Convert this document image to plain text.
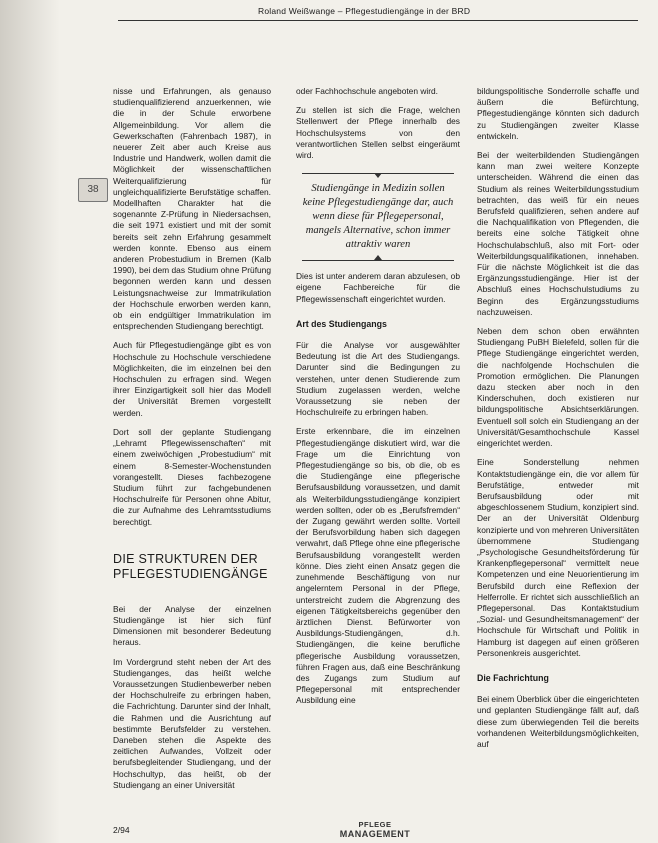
Roland Weißwange – Pflegestudiengänge in der BRD
38

nisse und Erfahrungen, als genauso studienqualifizierend anzuerkennen, wie die in der Schule erworbene Allgemeinbildung. Vor allem die Gewerkschaften (Fahrenbach 1987), in neuerer Zeit aber auch Kreise aus Industrie und Handwerk, wollen damit die Möglichkeit der wissenschaftlichen Weiterqualifizierung für ungleichqualifizierte Berufstätige schaffen. Modellhaften Charakter hat die sogenannte Z-Prüfung in Niedersachsen, die seit 1971 existiert und mit der somit bereits seit zehn Erfahrung gesammelt werden konnte. Ebenso aus einem anderen Probestudium in Bremen (Kalb 1990), bei dem das Studium ohne Prüfung begonnen werden kann und dessen Leistungsnachweise zur Immatrikulation der Hochschule erworben werden kann, ob ein endgültiger Immatrikulation im entsprechenden Studiengang berechtigt.

Auch für Pflegestudiengänge gibt es von Hochschule zu Hochschule verschiedene Möglichkeiten, die im einzelnen bei den Hochschulen zu erfragen sind. Wegen ihrer Einzigartigkeit soll hier das Modell der Universität Bremen vorgestellt werden.

Dort soll der geplante Studiengang „Lehramt Pflegewissenschaften“ mit einem zweiwöchigen „Probestudium“ mit einem 8-Semester-Wochenstunden vorangestellt. Dieses fachbezogene Studium führt zur fachgebundenen Hochschulreife für Personen ohne Abitur, die zur Aufnahme des Lehramtsstudiums berechtigt.

DIE STRUKTUREN DER
PFLEGESTUDIENGÄNGE

Bei der Analyse der einzelnen Studiengänge ist hier sich fünf Dimensionen mit besonderer Bedeutung heraus.

Im Vordergrund steht neben der Art des Studienganges, das heißt welche Voraussetzungen Studienbewerber neben der Hochschulreife zu erbringen haben, die Fachrichtung. Darunter sind der Inhalt, die Rahmen und die Ausrichtung auf bestimmte Berufsfelder zu verstehen. Daneben stehen die Aspekte des zeitlichen Aufwandes, Vollzeit oder berufsbegleitender Studiengang, und der Hochschultyp, das heißt, ob der Studiengang an einer Universität

oder Fachhochschule angeboten wird.

Zu stellen ist sich die Frage, welchen Stellenwert der Pflege innerhalb des Hochschulsystems von den verantwortlichen Stellen selbst eingeräumt wird.

Studiengänge in Medizin sollen keine Pflegestudiengänge dar, auch wenn diese für Pflegepersonal, mangels Alternative, schon immer attraktiv waren

Dies ist unter anderem daran abzulesen, ob eigene Fachbereiche für die Pflegewissenschaft eingerichtet wurden.

Art des Studiengangs

Für die Analyse vor ausgewählter Bedeutung ist die Art des Studiengangs. Darunter sind die Bedingungen zu verstehen, unter denen Studierende zum Studium zugelassen werden, welche Voraussetzung sie neben der Hochschulreife zu erbringen haben.

Erste erkennbare, die im einzelnen Pflegestudiengänge diskutiert wird, war die Frage um die Einrichtung von Pflegestudiengänge so bis, ob die, ob es die Studiengänge eine pflegerische Berufsausbildung voraussetzen, und damit als Weiterbildungsstudiengänge konzipiert werden sollten, oder ob es „Berufsfremden“ der Zugang gewährt werden sollte. Vorteil der Berufsvorbildung haben sich dagegen verwahrt, daß Pflege ohne eine pflegerische Berufsausbildung vorangestellt werden könne. Dies zieht einen Ansatz gegen die zunehmende Beschäftigung von nur angelerntem Personal in der Pflege, unterstreicht zudem die Abgrenzung des eigenen Tätigkeitsbereichs gegenüber den ärztlichen Dienst. Befürworter von Ausbildungs-Studiengängen, d.h. Studiengängen, die keine berufliche pflegerische Ausbildung voraussetzen, führen Fragen aus, daß eine Beschränkung des Zugangs zum Studium auf Pflegepersonal mit entsprechender Ausbildung eine

bildungspolitische Sonderrolle schaffe und äußern die Befürchtung, Pflegestudiengänge könnten sich dadurch zu Studiengängen zweiter Klasse entwickeln.

Bei der weiterbildenden Studiengängen kann man zwei weitere Konzepte unterscheiden. Während die einen das Studium als reines Weiterbildungsstudium betrachten, das weiß für ein neues Berufsfeld qualifizieren, sehen andere auf die Nachqualifikation von Pflegenden, die bereits eine solche Tätigkeit ohne Hochschulabschluß, also mit Fort- oder Weiterbildungsqualifikationen, innehaben. Für die nächste Möglichkeit ist die das Ergänzungsstudiengänge. Hier ist der Abschluß eines Hochschulstudiums zu Beginn des Ergänzungsstudiums nachzuweisen.

Neben dem schon oben erwähnten Studiengang PuBH Bielefeld, sollen für die Pflege Studiengänge eingerichtet werden, die nachfolgende Hochschulen die Promotion ermöglichen. Die Planungen dazu stecken aber noch in den Kinderschuhen, doch existieren nur bildungspolitische Absichtserklärungen. Eventuell soll solch ein Studiengang an der Universität/Gesamthochschule Kassel eingerichtet werden.

Eine Sonderstellung nehmen Kontaktstudiengänge ein, die vor allem für Berufstätige, entweder mit Berufsausbildung oder mit abgeschlossenem Studium, konzipiert sind. Der an der Universität Oldenburg konzipierte und von mehreren Universitäten übernommene Studiengang „Psychologische Gesundheitsförderung für Krankenpflegepersonal“ vermittelt neue Kompetenzen und eine Neuorientierung im Berufsbild durch eine Reflexion der Helferrolle. Er richtet sich ausschließlich an Pflegepersonal. Das Kontaktstudium „Sozial- und Gesundheitsmanagement“ der Hochschule für Wirtschaft und Politik in Hamburg ist dagegen auf einen größeren Personenkreis ausgerichtet.

Die Fachrichtung

Bei einem Überblick über die eingerichteten und geplanten Studiengänge fällt auf, daß diese zum überwiegenden Teil die bereits vorhandenen Weiterbildungsmöglichkeiten, auf

2/94
PFLEGE
MANAGEMENT
